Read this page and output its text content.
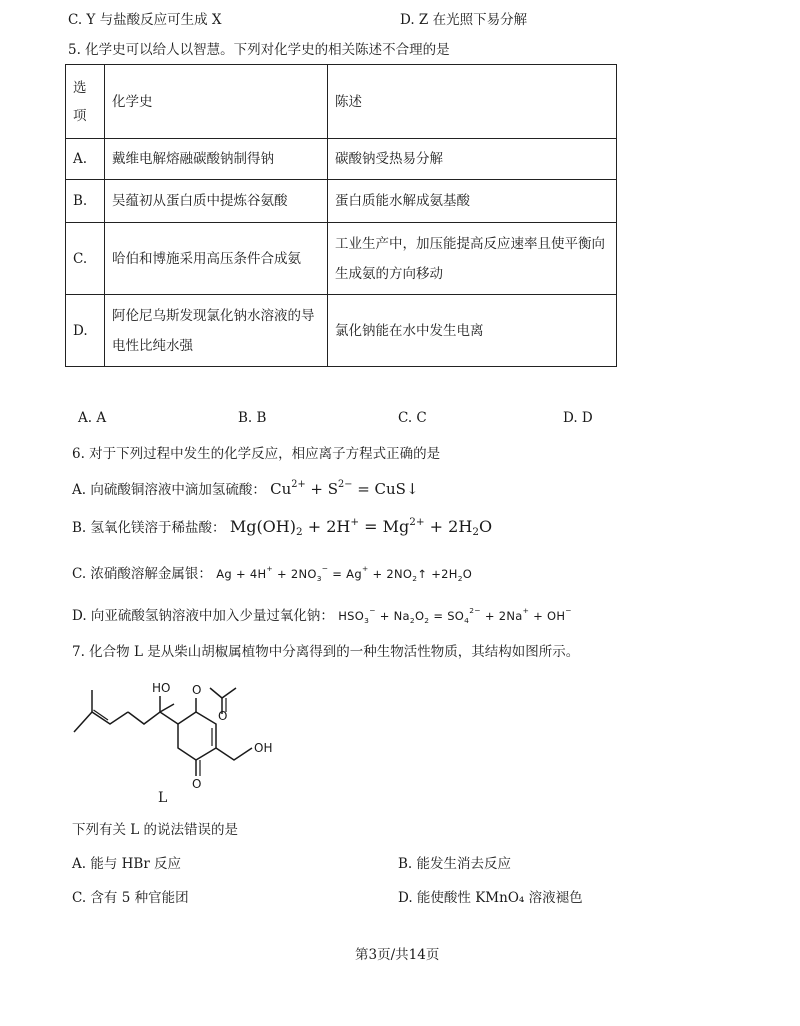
C. Y 与盐酸反应可生成 X	D. Z 在光照下易分解
5. 化学史可以给人以智慧。下列对化学史的相关陈述不合理的是
选项	化学史	陈述
A.	戴维电解熔融碳酸钠制得钠	碳酸钠受热易分解
B.	吴蕴初从蛋白质中提炼谷氨酸	蛋白质能水解成氨基酸
C.	哈伯和博施采用高压条件合成氨	工业生产中，加压能提高反应速率且使平衡向生成氨的方向移动
D.	阿伦尼乌斯发现氯化钠水溶液的导电性比纯水强	氯化钠能在水中发生电离
A. A	B. B	C. C	D. D
6. 对于下列过程中发生的化学反应，相应离子方程式正确的是
A. 向硫酸铜溶液中滴加氢硫酸： $Cu^{2+} + S^{2-}$ = CuS↓
B. 氢氧化镁溶于稀盐酸： $Mg(OH)_2 + 2H^+ = Mg^{2+} + 2H_2O$
C. 浓硝酸溶解金属银： $Ag + 4H^+ + 2NO_3^- = Ag^+$ + $2NO_2↑ +2H_2O$
D. 向亚硫酸氢钠溶液中加入少量过氧化钠： $HSO_3^- + Na_2O_2 = SO_4^{2-} + 2Na^+ + OH^-$
7. 化合物 L 是从柴山胡椒属植物中分离得到的一种生物活性物质，其结构如图所示。
HO O
O
O
OH
L
下列有关 L 的说法错误的是
A. 能与 HBr 反应	B. 能发生消去反应
C. 含有 5 种官能团	D. 能使酸性 KMnO₄ 溶液褪色
第3页/共14页
